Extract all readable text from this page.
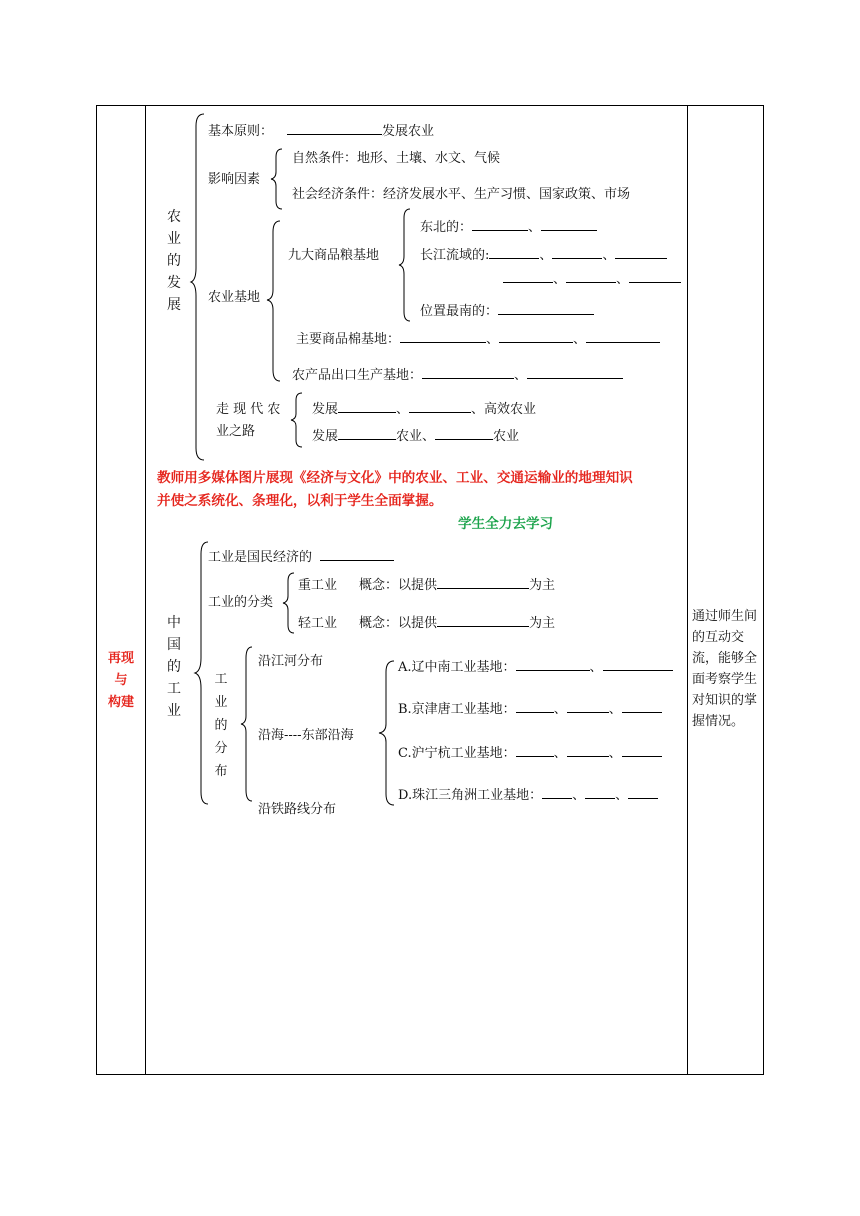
再现
与
构建
农
业
的
发
展
基本原则：	发展农业
影响因素
自然条件：地形、土壤、水文、气候
社会经济条件：经济发展水平、生产习惯、国家政策、市场
农业基地
九大商品粮基地
东北的：	、
长江流域的:	、	、
、	、
位置最南的：
主要商品棉基地：	、	、
农产品出口生产基地：	、
走 现 代 农
业之路
发展	、	、高效农业
发展	农业、	农业
教师用多媒体图片展现《经济与文化》中的农业、工业、交通运输业的地理知识
并使之系统化、条理化，以利于学生全面掌握。
学生全力去学习
中
国
的
工
业
工业是国民经济的
工业的分类
重工业 概念：以提供	为主
轻工业 概念：以提供	为主
工
业
的
分
布
沿江河分布
沿海----东部沿海
沿铁路线分布
A.辽中南工业基地：	、
B.京津唐工业基地：	、	、
C.沪宁杭工业基地：	、	、
D.珠江三角洲工业基地： 、 、
通过师生间的互动交流，能够全面考察学生对知识的掌握情况。
